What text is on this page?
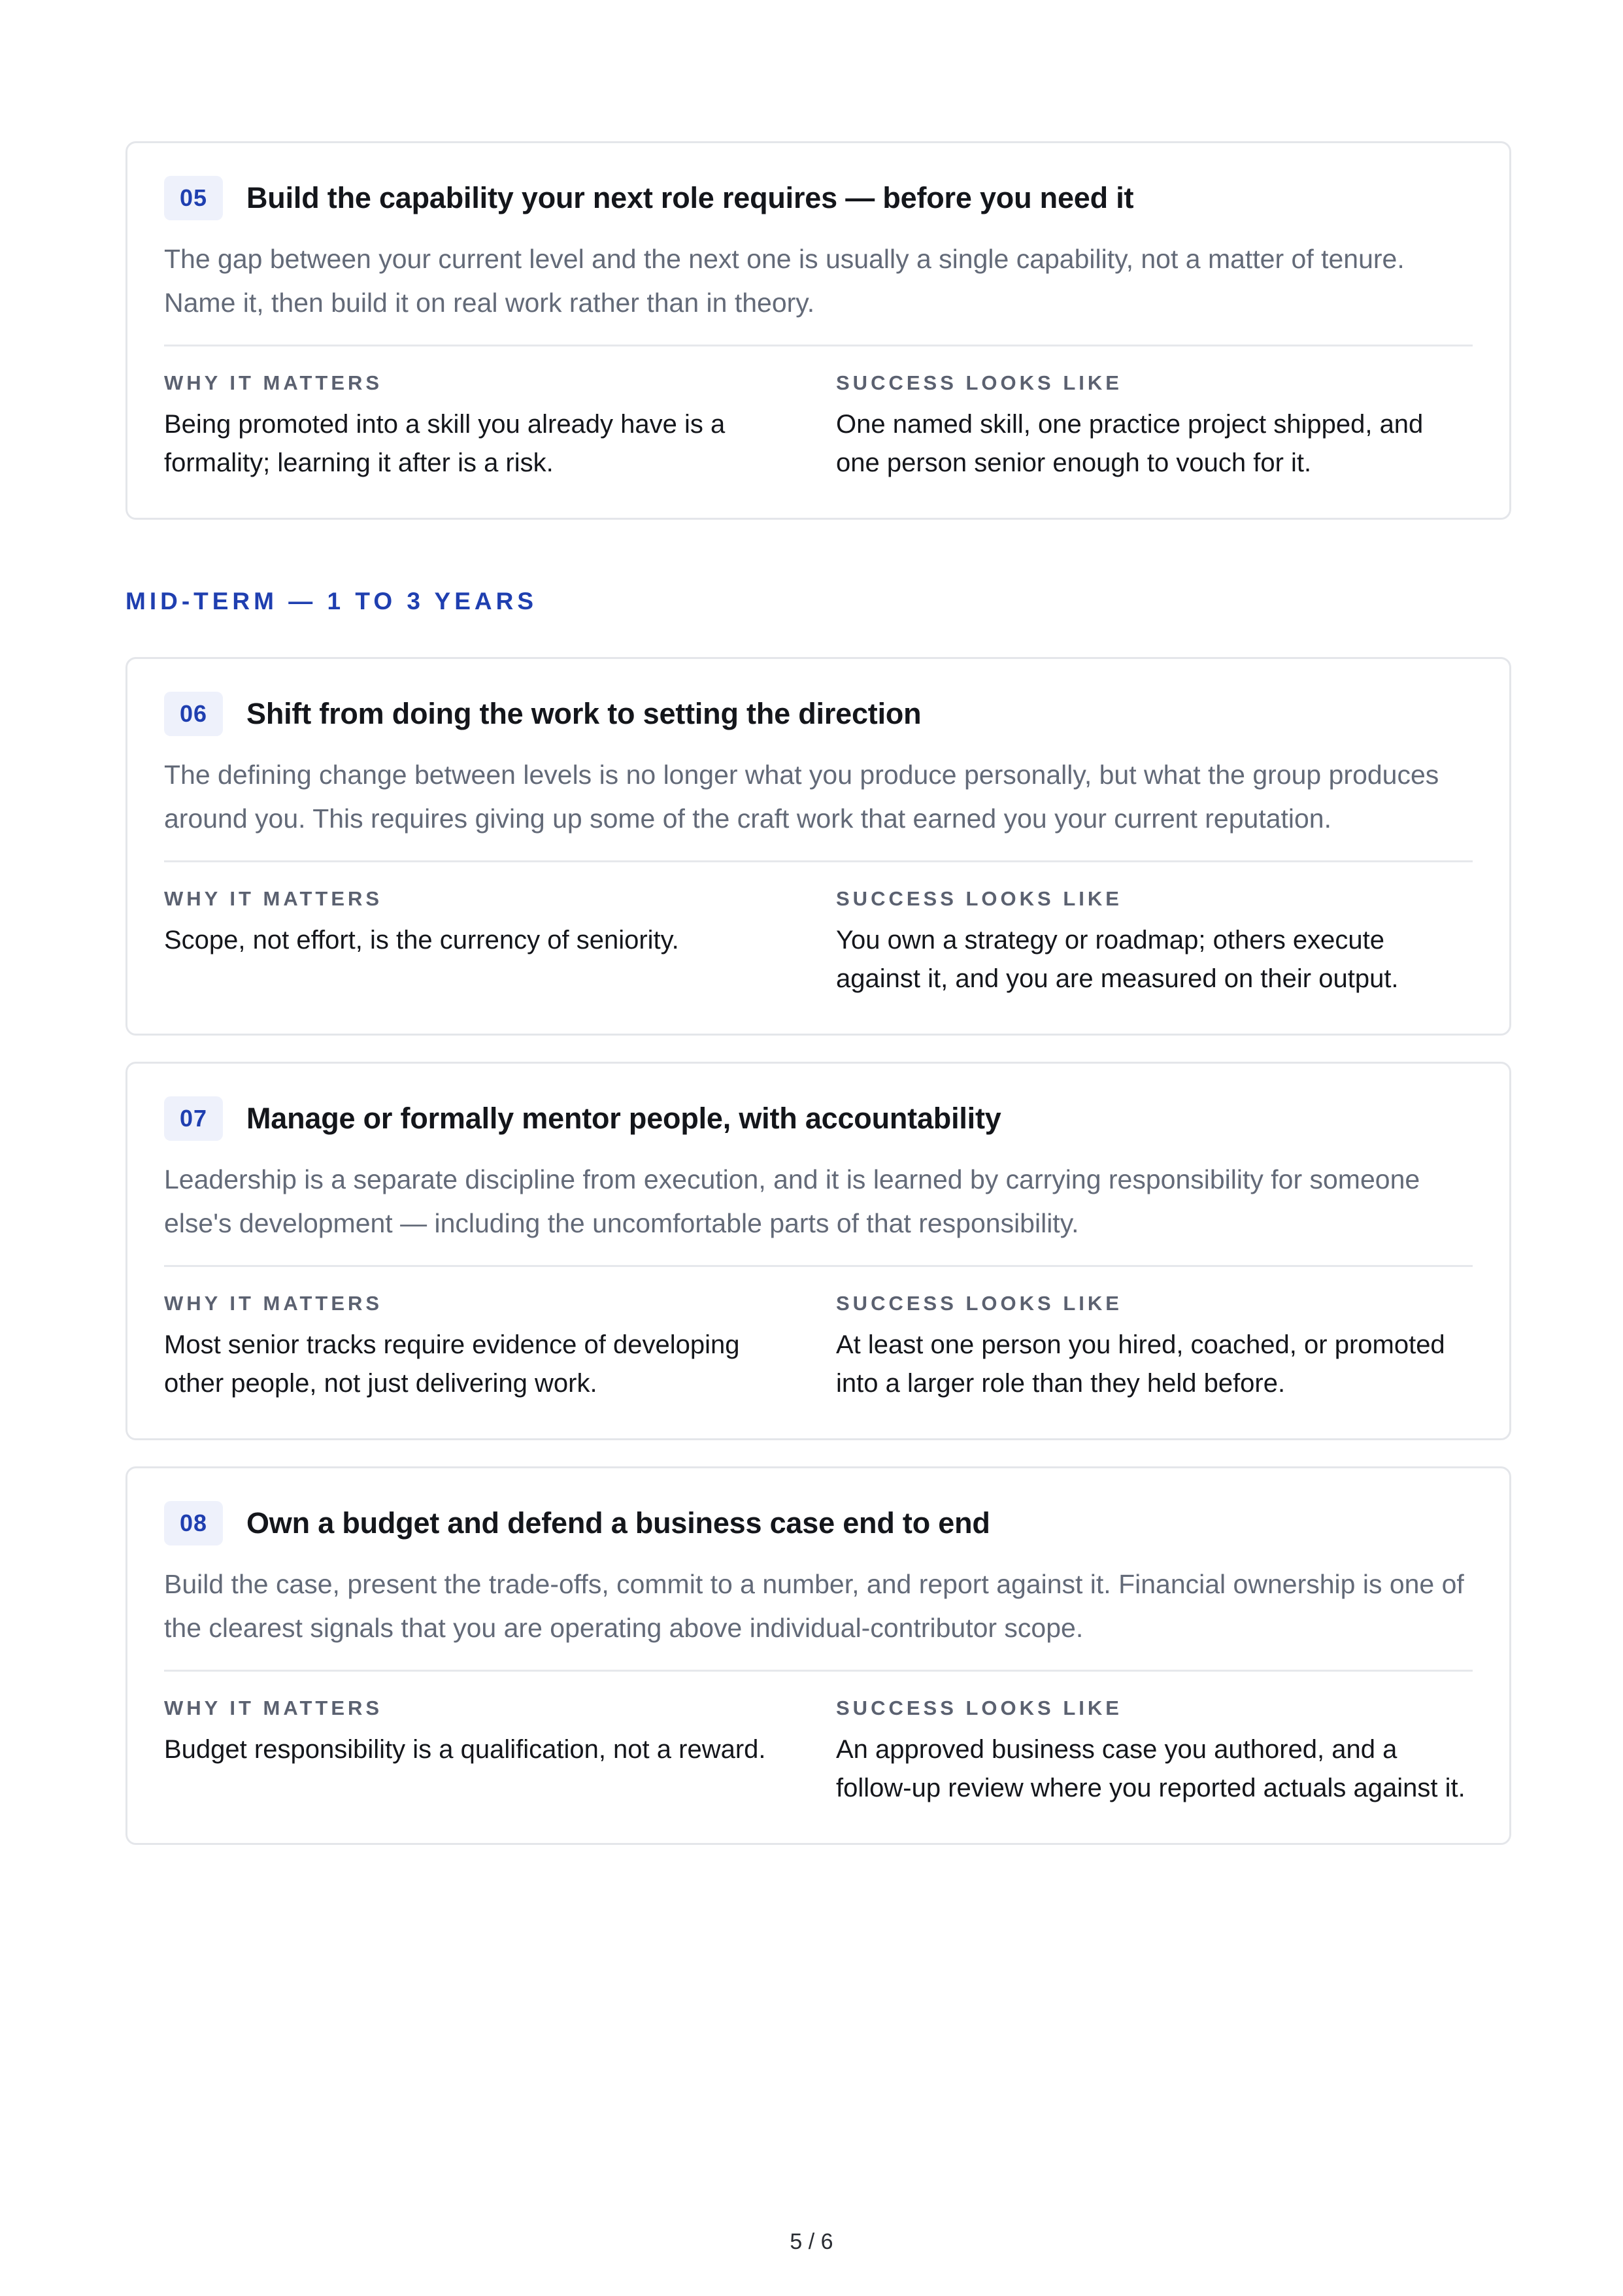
05	Build the capability your next role requires — before you need it
The gap between your current level and the next one is usually a single capability, not a matter of tenure. Name it, then build it on real work rather than in theory.
WHY IT MATTERS
Being promoted into a skill you already have is a formality; learning it after is a risk.
SUCCESS LOOKS LIKE
One named skill, one practice project shipped, and one person senior enough to vouch for it.
MID-TERM — 1 TO 3 YEARS
06	Shift from doing the work to setting the direction
The defining change between levels is no longer what you produce personally, but what the group produces around you. This requires giving up some of the craft work that earned you your current reputation.
WHY IT MATTERS
Scope, not effort, is the currency of seniority.
SUCCESS LOOKS LIKE
You own a strategy or roadmap; others execute against it, and you are measured on their output.
07	Manage or formally mentor people, with accountability
Leadership is a separate discipline from execution, and it is learned by carrying responsibility for someone else's development — including the uncomfortable parts of that responsibility.
WHY IT MATTERS
Most senior tracks require evidence of developing other people, not just delivering work.
SUCCESS LOOKS LIKE
At least one person you hired, coached, or promoted into a larger role than they held before.
08	Own a budget and defend a business case end to end
Build the case, present the trade-offs, commit to a number, and report against it. Financial ownership is one of the clearest signals that you are operating above individual-contributor scope.
WHY IT MATTERS
Budget responsibility is a qualification, not a reward.
SUCCESS LOOKS LIKE
An approved business case you authored, and a follow-up review where you reported actuals against it.
5 / 6
